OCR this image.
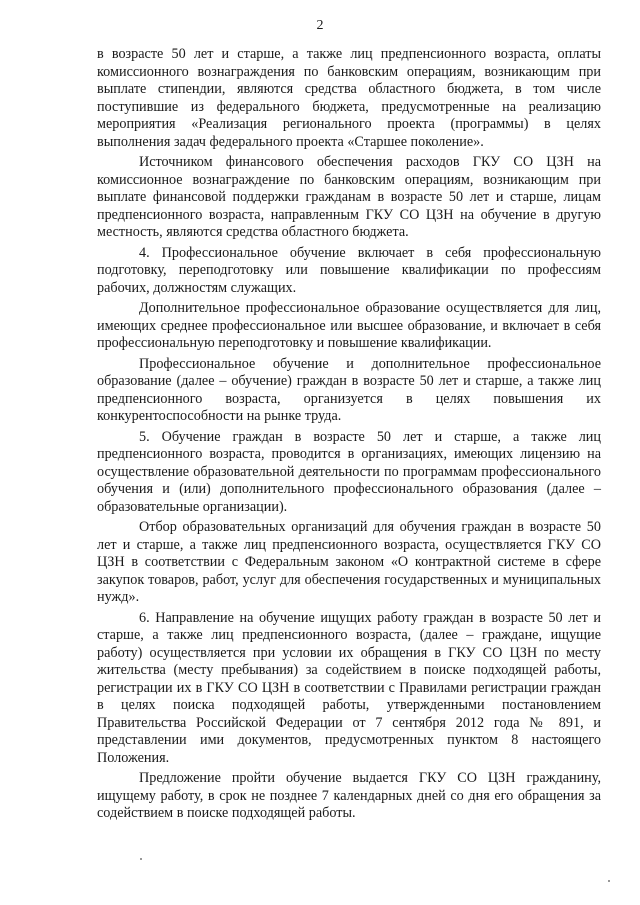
2

в возрасте 50 лет и старше, а также лиц предпенсионного возраста, оплаты комиссионного вознаграждения по банковским операциям, возникающим при выплате стипендии, являются средства областного бюджета, в том числе поступившие из федерального бюджета, предусмотренные на реализацию мероприятия «Реализация регионального проекта (программы) в целях выполнения задач федерального проекта «Старшее поколение».

Источником финансового обеспечения расходов ГКУ СО ЦЗН на комиссионное вознаграждение по банковским операциям, возникающим при выплате финансовой поддержки гражданам в возрасте 50 лет и старше, лицам предпенсионного возраста, направленным ГКУ СО ЦЗН на обучение в другую местность, являются средства областного бюджета.

4. Профессиональное обучение включает в себя профессиональную подготовку, переподготовку или повышение квалификации по профессиям рабочих, должностям служащих.

Дополнительное профессиональное образование осуществляется для лиц, имеющих среднее профессиональное или высшее образование, и включает в себя профессиональную переподготовку и повышение квалификации.

Профессиональное обучение и дополнительное профессиональное образование (далее – обучение) граждан в возрасте 50 лет и старше, а также лиц предпенсионного возраста, организуется в целях повышения их конкурентоспособности на рынке труда.

5. Обучение граждан в возрасте 50 лет и старше, а также лиц предпенсионного возраста, проводится в организациях, имеющих лицензию на осуществление образовательной деятельности по программам профессионального обучения и (или) дополнительного профессионального образования (далее – образовательные организации).

Отбор образовательных организаций для обучения граждан в возрасте 50 лет и старше, а также лиц предпенсионного возраста, осуществляется ГКУ СО ЦЗН в соответствии с Федеральным законом «О контрактной системе в сфере закупок товаров, работ, услуг для обеспечения государственных и муниципальных нужд».

6. Направление на обучение ищущих работу граждан в возрасте 50 лет и старше, а также лиц предпенсионного возраста, (далее – граждане, ищущие работу) осуществляется при условии их обращения в ГКУ СО ЦЗН по месту жительства (месту пребывания) за содействием в поиске подходящей работы, регистрации их в ГКУ СО ЦЗН в соответствии с Правилами регистрации граждан в целях поиска подходящей работы, утвержденными постановлением Правительства Российской Федерации от 7 сентября 2012 года № 891, и представлении ими документов, предусмотренных пунктом 8 настоящего Положения.

Предложение пройти обучение выдается ГКУ СО ЦЗН гражданину, ищущему работу, в срок не позднее 7 календарных дней со дня его обращения за содействием в поиске подходящей работы.
